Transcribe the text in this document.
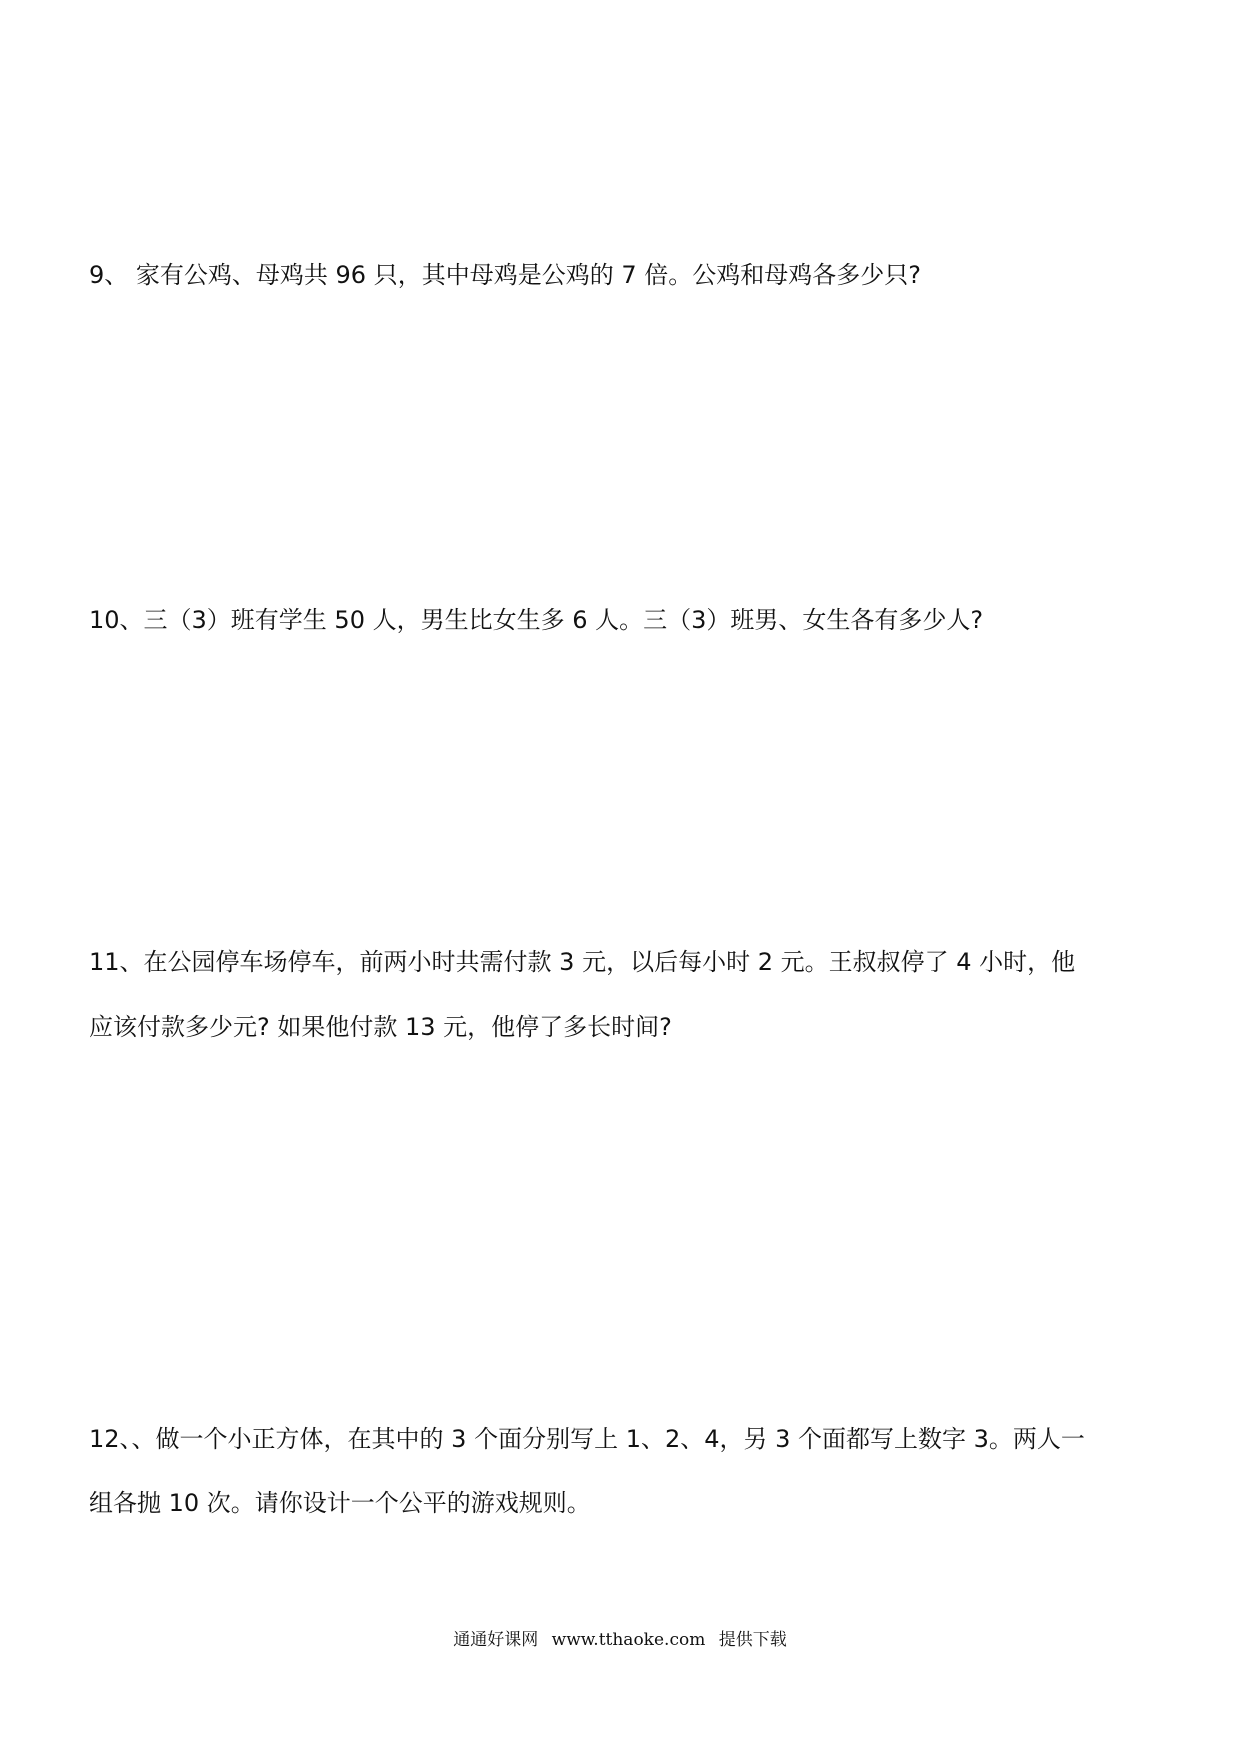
9、 家有公鸡、母鸡共 96 只，其中母鸡是公鸡的 7 倍。公鸡和母鸡各多少只?
10、三（3）班有学生 50 人，男生比女生多 6 人。三（3）班男、女生各有多少人?
11、在公园停车场停车，前两小时共需付款 3 元，以后每小时 2 元。王叔叔停了 4 小时，他
应该付款多少元? 如果他付款 13 元，他停了多长时间?
12、、做一个小正方体，在其中的 3 个面分别写上 1、2、4，另 3 个面都写上数字 3。两人一
组各抛 10 次。请你设计一个公平的游戏规则。
通通好课网 www.tthaoke.com 提供下载
